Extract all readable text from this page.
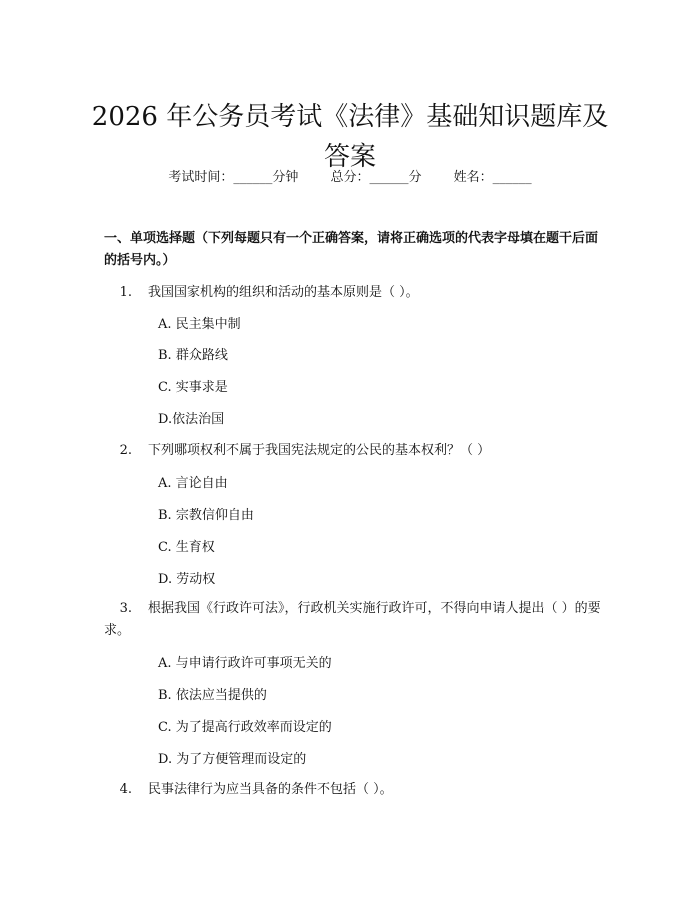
2026 年公务员考试《法律》基础知识题库及
答案
考试时间：______分钟 总分：______分 姓名：______
一、单项选择题（下列每题只有一个正确答案，请将正确选项的代表字母填在题干后面的括号内。）
1. 我国国家机构的组织和活动的基本原则是（ ）。
A. 民主集中制
B. 群众路线
C. 实事求是
D.依法治国
2. 下列哪项权利不属于我国宪法规定的公民的基本权利？（ ）
A. 言论自由
B. 宗教信仰自由
C. 生育权
D. 劳动权
3. 根据我国《行政许可法》，行政机关实施行政许可，不得向申请人提出（ ）的要求。
A. 与申请行政许可事项无关的
B. 依法应当提供的
C. 为了提高行政效率而设定的
D. 为了方便管理而设定的
4. 民事法律行为应当具备的条件不包括（ ）。
